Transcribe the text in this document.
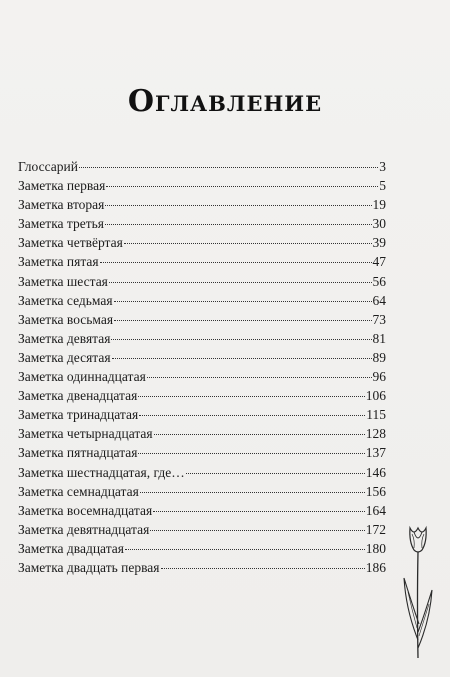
Оглавление
Глоссарий	3
Заметка первая	5
Заметка вторая	19
Заметка третья	30
Заметка четвёртая	39
Заметка пятая	47
Заметка шестая	56
Заметка седьмая	64
Заметка восьмая	73
Заметка девятая	81
Заметка десятая	89
Заметка одиннадцатая	96
Заметка двенадцатая	106
Заметка тринадцатая	115
Заметка четырнадцатая	128
Заметка пятнадцатая	137
Заметка шестнадцатая, где…	146
Заметка семнадцатая	156
Заметка восемнадцатая	164
Заметка девятнадцатая	172
Заметка двадцатая	180
Заметка двадцать первая	186
